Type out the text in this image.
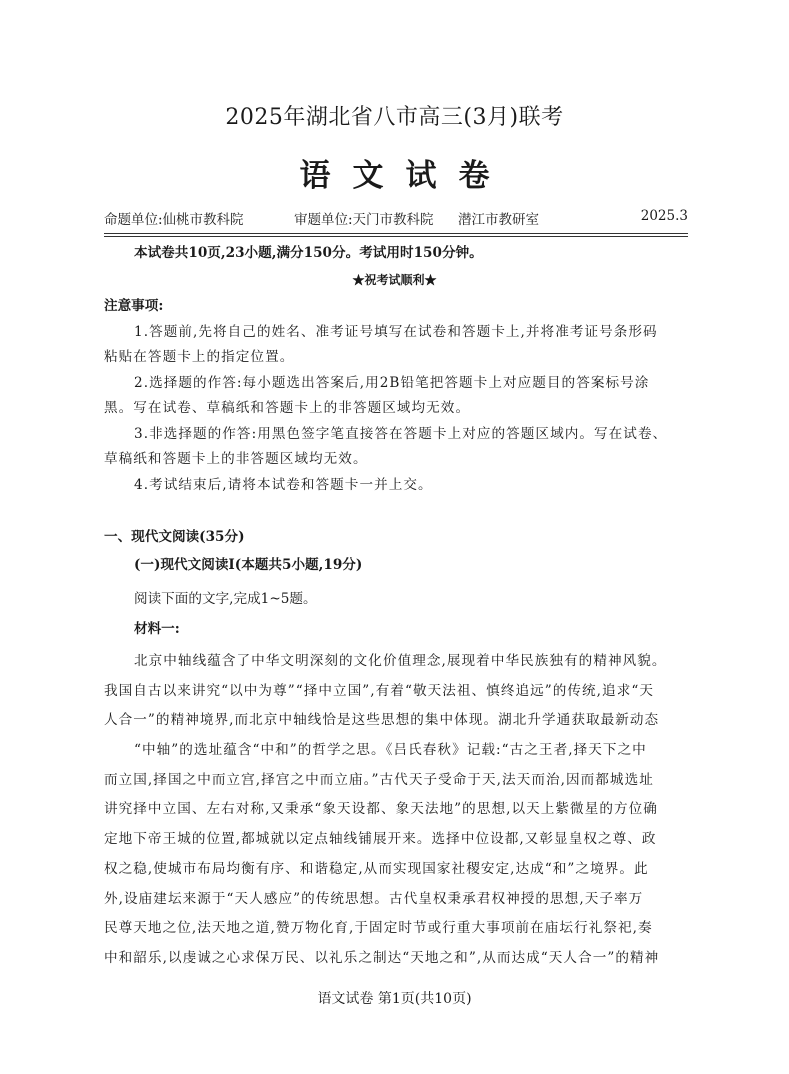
2025年湖北省八市高三(3月)联考
语文试卷
命题单位:仙桃市教科院	审题单位:天门市教科院 潜江市教研室	2025.3
本试卷共10页,23小题,满分150分。考试用时150分钟。
★祝考试顺利★
注意事项:
1.答题前,先将自己的姓名、准考证号填写在试卷和答题卡上,并将准考证号条形码
粘贴在答题卡上的指定位置。
2.选择题的作答:每小题选出答案后,用2B铅笔把答题卡上对应题目的答案标号涂
黑。写在试卷、草稿纸和答题卡上的非答题区域均无效。
3.非选择题的作答:用黑色签字笔直接答在答题卡上对应的答题区域内。写在试卷、
草稿纸和答题卡上的非答题区域均无效。
4.考试结束后,请将本试卷和答题卡一并上交。
一、现代文阅读(35分)
(一)现代文阅读Ⅰ(本题共5小题,19分)
阅读下面的文字,完成1~5题。
材料一:
北京中轴线蕴含了中华文明深刻的文化价值理念,展现着中华民族独有的精神风貌。
我国自古以来讲究“以中为尊”“择中立国”,有着“敬天法祖、慎终追远”的传统,追求“天
人合一”的精神境界,而北京中轴线恰是这些思想的集中体现。湖北升学通获取最新动态
“中轴”的选址蕴含“中和”的哲学之思。《吕氏春秋》记载:“古之王者,择天下之中
而立国,择国之中而立宫,择宫之中而立庙。”古代天子受命于天,法天而治,因而都城选址
讲究择中立国、左右对称,又秉承“象天设都、象天法地”的思想,以天上紫微星的方位确
定地下帝王城的位置,都城就以定点轴线铺展开来。选择中位设都,又彰显皇权之尊、政
权之稳,使城市布局均衡有序、和谐稳定,从而实现国家社稷安定,达成“和”之境界。此
外,设庙建坛来源于“天人感应”的传统思想。古代皇权秉承君权神授的思想,天子率万
民尊天地之位,法天地之道,赞万物化育,于固定时节或行重大事项前在庙坛行礼祭祀,奏
中和韶乐,以虔诚之心求保万民、以礼乐之制达“天地之和”,从而达成“天人合一”的精神
语文试卷 第1页(共10页)
